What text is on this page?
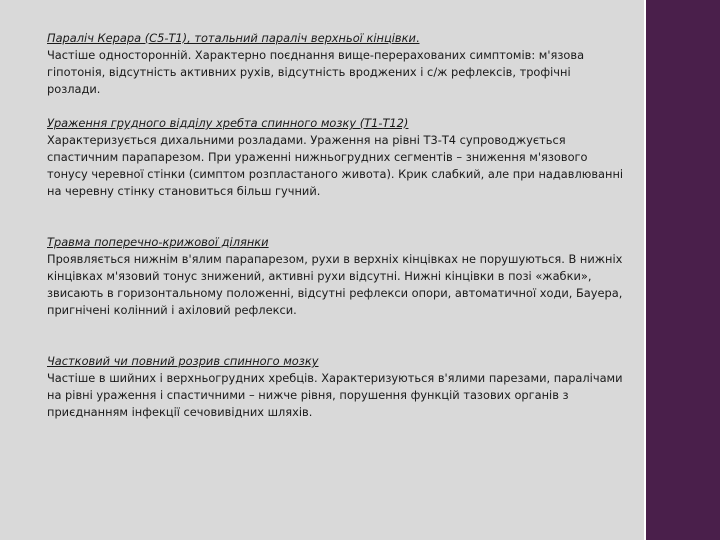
Параліч Керара (С5-Т1), тотальний параліч верхньої кінцівки.
Частіше односторонній. Характерно поєднання вище-перерахованих симптомів: м'язова гіпотонія, відсутність активних рухів, відсутність вроджених і с/ж рефлексів, трофічні розлади.
Ураження грудного відділу хребта спинного мозку (Т1-Т12)
Характеризується дихальними розладами. Ураження на рівні Т3-Т4 супроводжується спастичним парапарезом. При ураженні нижньогрудних сегментів – зниження м'язового тонусу черевної стінки (симптом розпластаного живота). Крик слабкий, але при надавлюванні на черевну стінку становиться більш гучний.
Травма поперечно-крижової ділянки
Проявляється нижнім в'ялим парапарезом, рухи в верхніх кінцівках не порушуються. В нижніх кінцівках м'язовий тонус знижений, активні рухи відсутні. Нижні кінцівки в позі «жабки», звисають в горизонтальному положенні, відсутні рефлекси опори, автоматичної ходи, Бауера, пригнічені колінний і ахіловий рефлекси.
Частковий чи повний розрив спинного мозку
Частіше в шийних і верхньогрудних хребців. Характеризуються в'ялими парезами, паралічами на рівні ураження і спастичними – нижче рівня, порушення функцій тазових органів з приєднанням інфекції сечовивідних шляхів.
